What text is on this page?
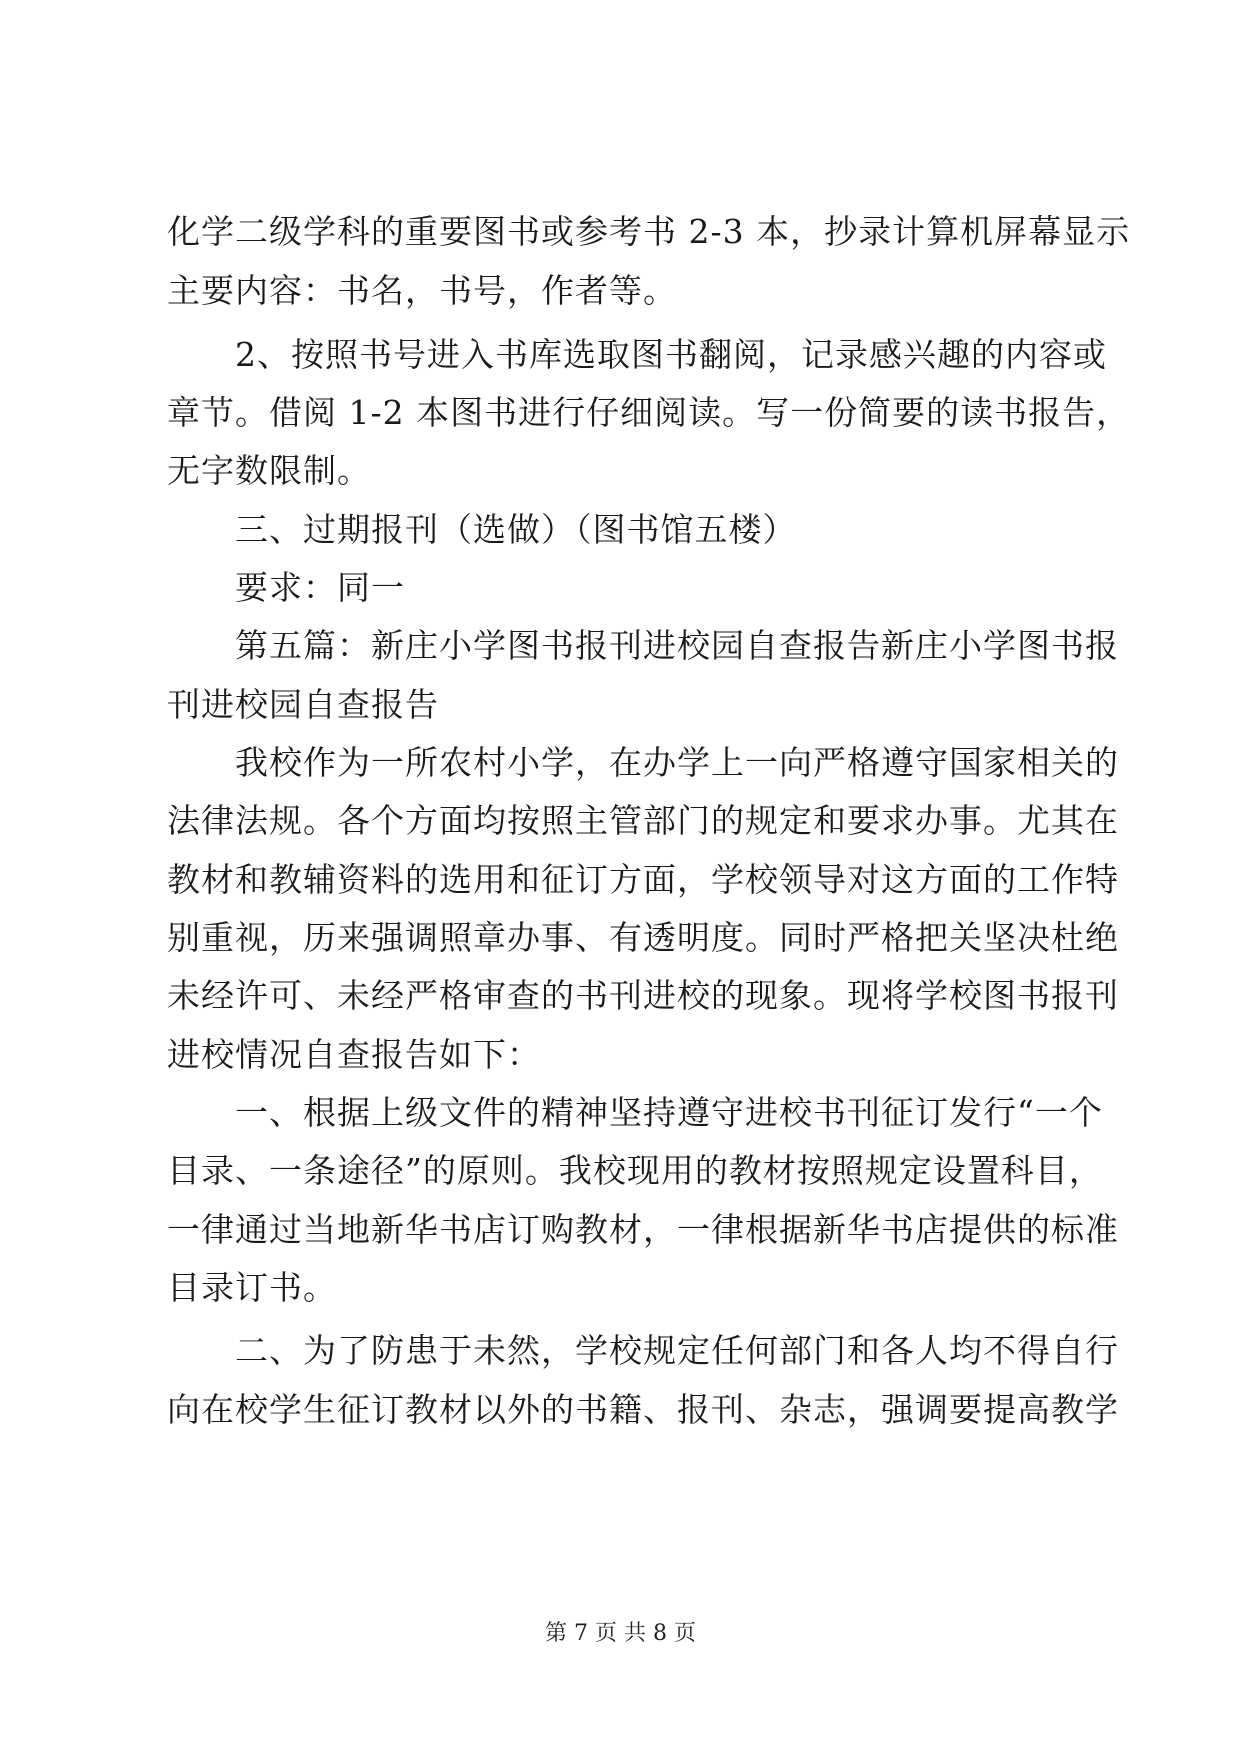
化学二级学科的重要图书或参考书 2-3 本，抄录计算机屏幕显示
主要内容：书名，书号，作者等。
　　2、按照书号进入书库选取图书翻阅，记录感兴趣的内容或
章节。借阅 1-2 本图书进行仔细阅读。写一份简要的读书报告，
无字数限制。
　　三、过期报刊（选做）（图书馆五楼）
　　要求：同一
　　第五篇：新庄小学图书报刊进校园自查报告新庄小学图书报
刊进校园自查报告
　　我校作为一所农村小学，在办学上一向严格遵守国家相关的
法律法规。各个方面均按照主管部门的规定和要求办事。尤其在
教材和教辅资料的选用和征订方面，学校领导对这方面的工作特
别重视，历来强调照章办事、有透明度。同时严格把关坚决杜绝
未经许可、未经严格审查的书刊进校的现象。现将学校图书报刊
进校情况自查报告如下：
　　一、根据上级文件的精神坚持遵守进校书刊征订发行“一个
目录、一条途径”的原则。我校现用的教材按照规定设置科目，
一律通过当地新华书店订购教材，一律根据新华书店提供的标准
目录订书。
　　二、为了防患于未然，学校规定任何部门和各人均不得自行
向在校学生征订教材以外的书籍、报刊、杂志，强调要提高教学
第 7 页 共 8 页
